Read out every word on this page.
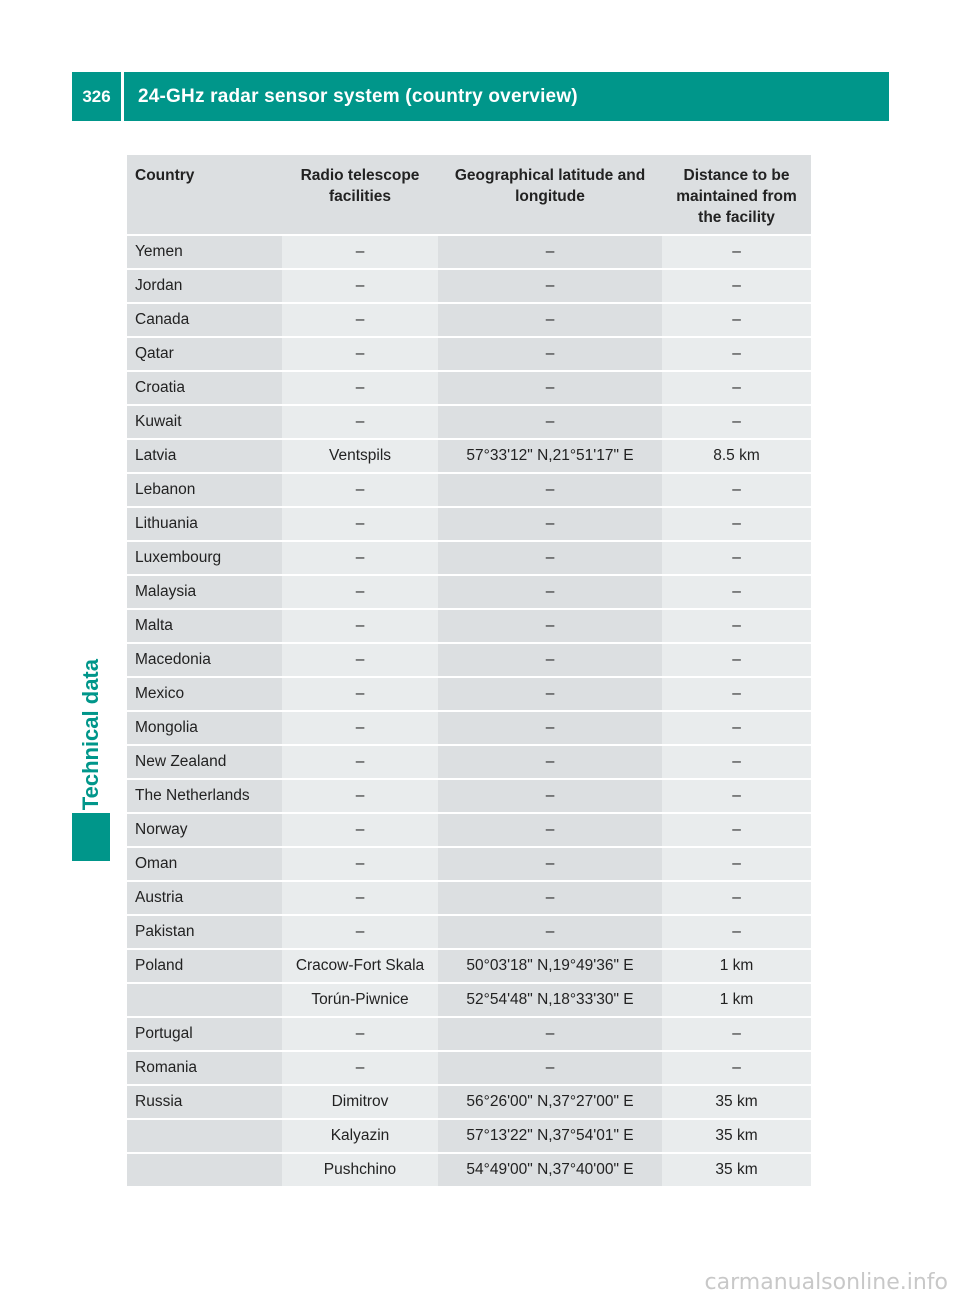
326	24-GHz radar sensor system (country overview)
Technical data
Country	Radio telescope facilities	Geographical latitude and longitude	Distance to be maintained from the facility
Yemen	–	–	–
Jordan	–	–	–
Canada	–	–	–
Qatar	–	–	–
Croatia	–	–	–
Kuwait	–	–	–
Latvia	Ventspils	57°33'12" N,21°51'17" E	8.5 km
Lebanon	–	–	–
Lithuania	–	–	–
Luxembourg	–	–	–
Malaysia	–	–	–
Malta	–	–	–
Macedonia	–	–	–
Mexico	–	–	–
Mongolia	–	–	–
New Zealand	–	–	–
The Netherlands	–	–	–
Norway	–	–	–
Oman	–	–	–
Austria	–	–	–
Pakistan	–	–	–
Poland	Cracow-Fort Skala	50°03'18" N,19°49'36" E	1 km
	Torún-Piwnice	52°54'48" N,18°33'30" E	1 km
Portugal	–	–	–
Romania	–	–	–
Russia	Dimitrov	56°26'00" N,37°27'00" E	35 km
	Kalyazin	57°13'22" N,37°54'01" E	35 km
	Pushchino	54°49'00" N,37°40'00" E	35 km
carmanualsonline.info
